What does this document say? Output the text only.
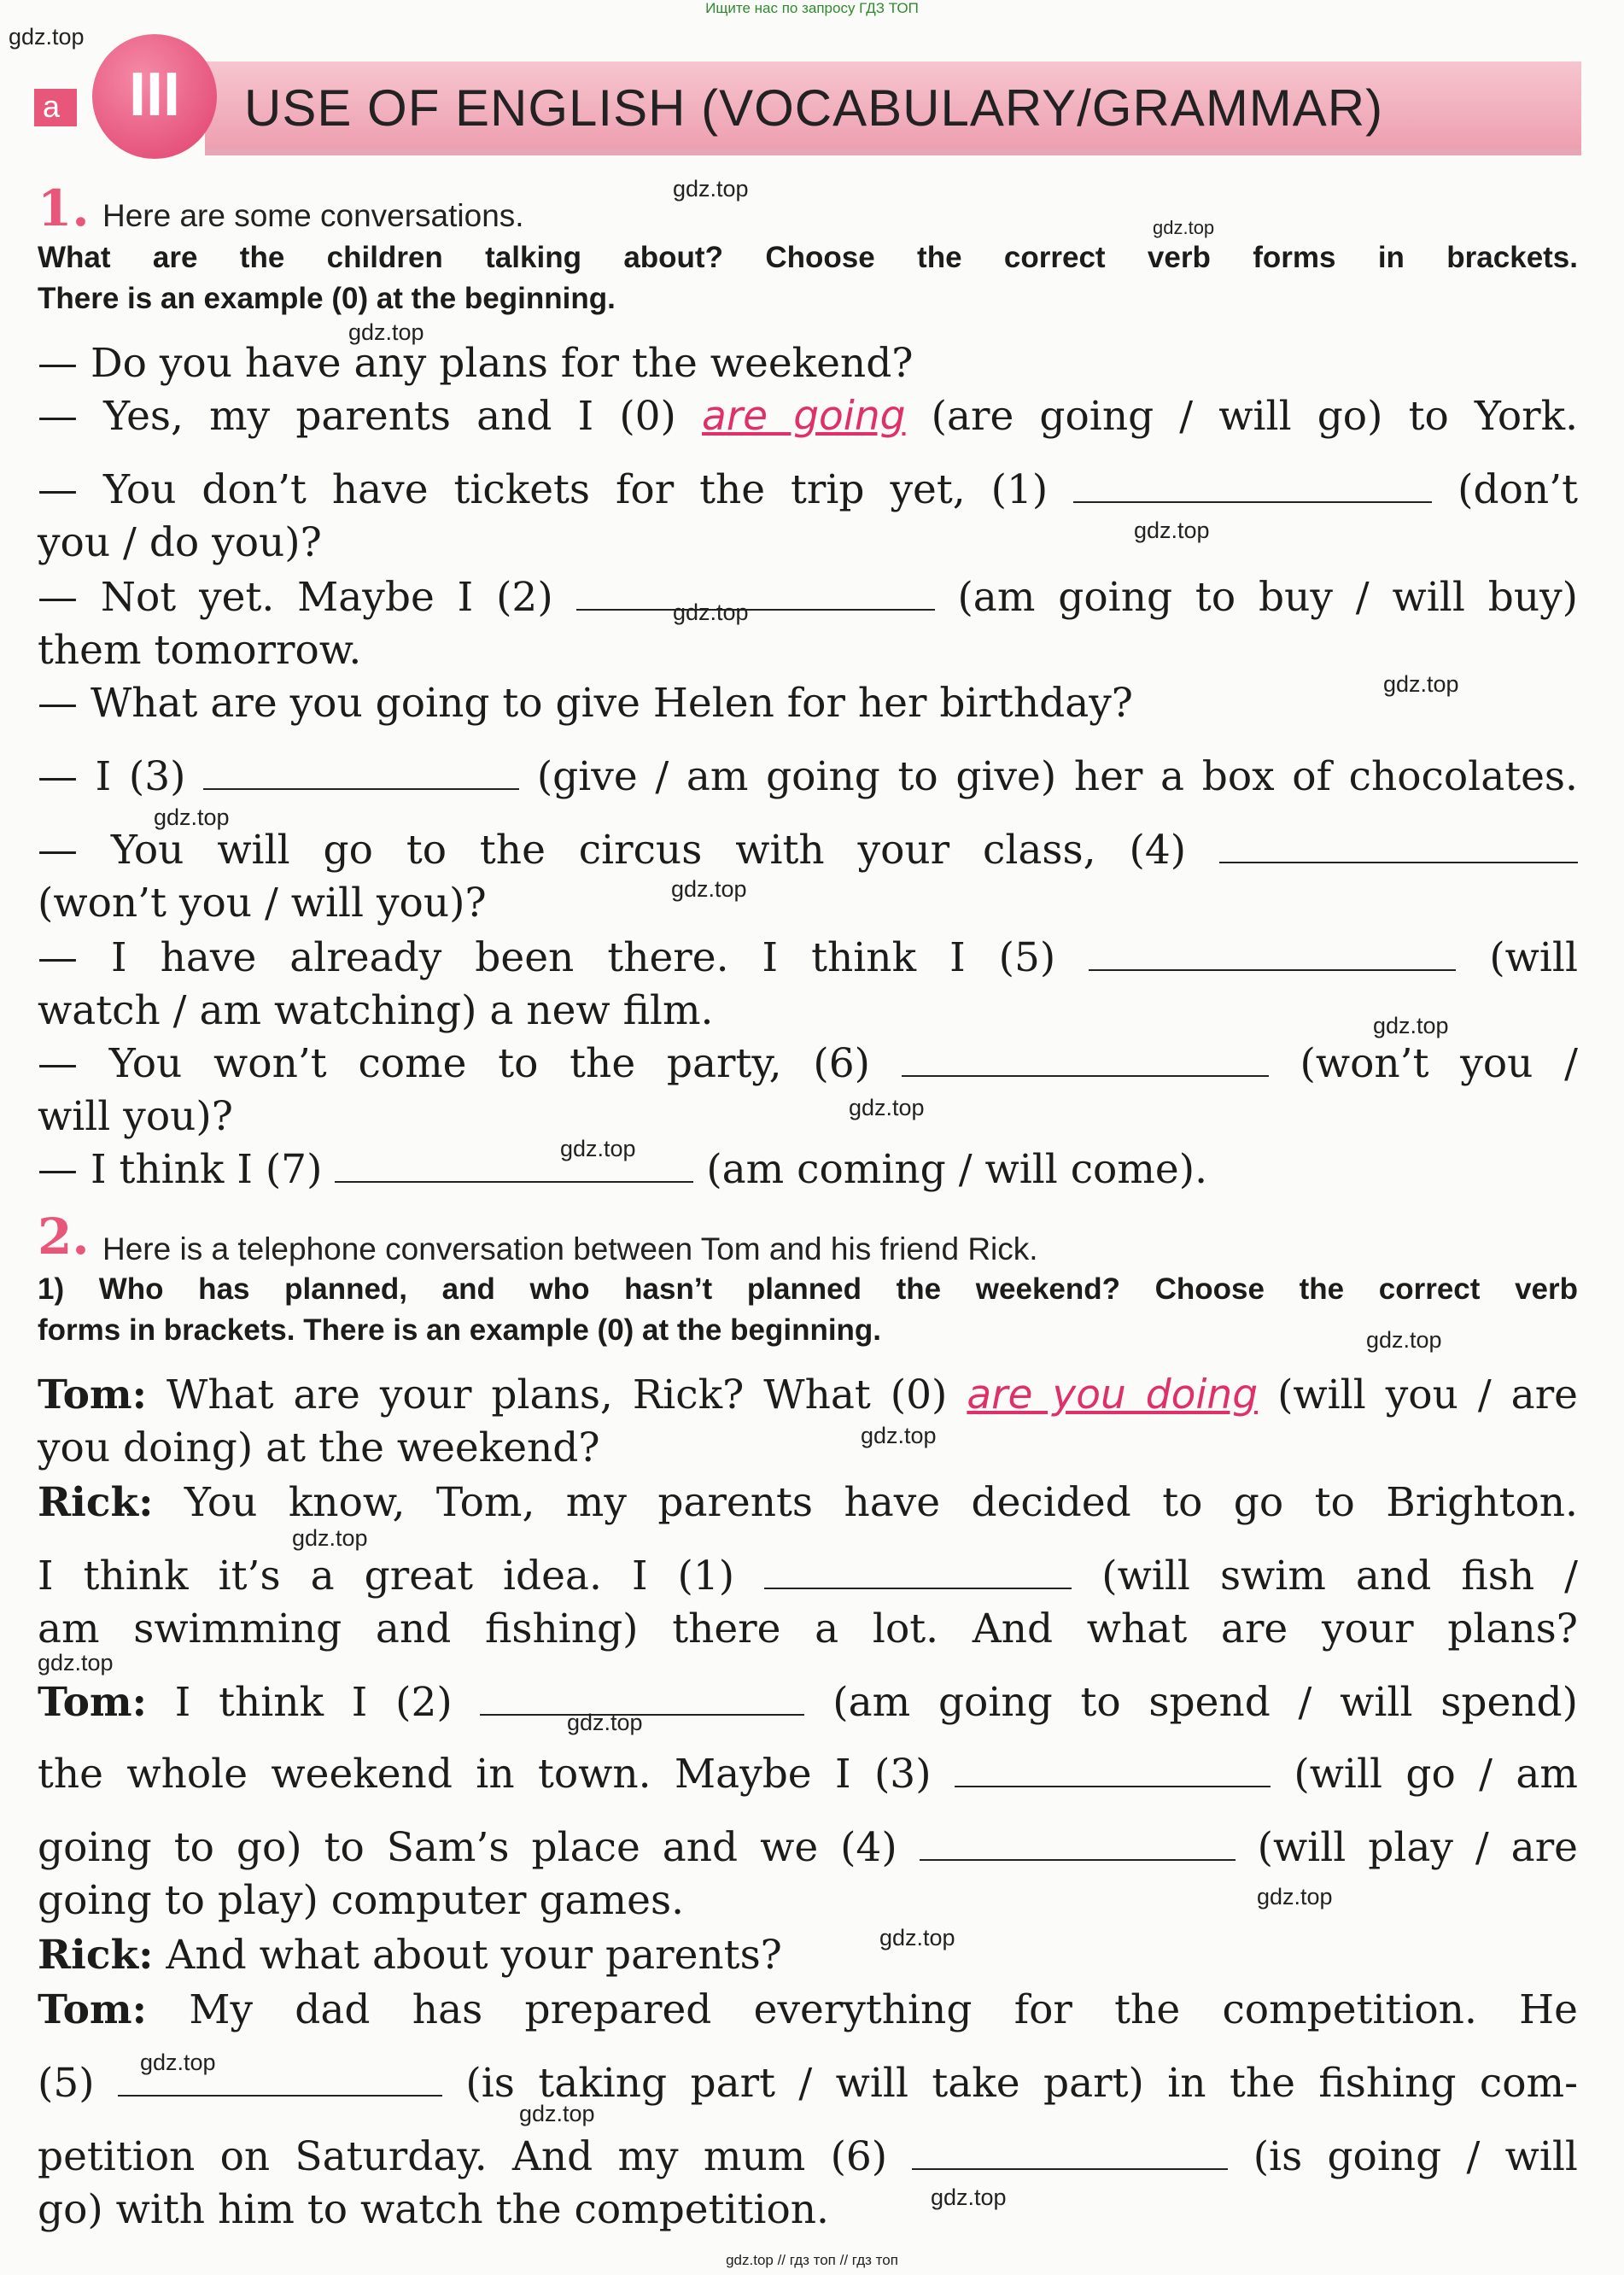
Ищите нас по запросу ГДЗ ТОП
a	III	USE OF ENGLISH (VOCABULARY/GRAMMAR)
1. Here are some conversations.
What are the children talking about? Choose the correct verb forms in brackets.
There is an example (0) at the beginning.
— Do you have any plans for the weekend?
— Yes, my parents and I (0) are going (are going / will go) to York.
— You don’t have tickets for the trip yet, (1)	(don’t
you / do you)?
— Not yet. Maybe I (2)	(am going to buy / will buy)
them tomorrow.
— What are you going to give Helen for her birthday?
— I (3)	(give / am going to give) her a box of chocolates.
— You will go to the circus with your class, (4)
(won’t you / will you)?
— I have already been there. I think I (5)	(will
watch / am watching) a new film.
— You won’t come to the party, (6)	(won’t you /
will you)?
— I think I (7)	(am coming / will come).
2. Here is a telephone conversation between Tom and his friend Rick.
1) Who has planned, and who hasn’t planned the weekend? Choose the correct verb
forms in brackets. There is an example (0) at the beginning.
Tom: What are your plans, Rick? What (0) are you doing (will you / are
you doing) at the weekend?
Rick: You know, Tom, my parents have decided to go to Brighton.
I think it’s a great idea. I (1)	(will swim and fish /
am swimming and fishing) there a lot. And what are your plans?
Tom: I think I (2)	(am going to spend / will spend)
the whole weekend in town. Maybe I (3)	(will go / am
going to go) to Sam’s place and we (4)	(will play / are
going to play) computer games.
Rick: And what about your parents?
Tom: My dad has prepared everything for the competition. He
(5)	(is taking part / will take part) in the fishing com-
petition on Saturday. And my mum (6)	(is going / will
go) with him to watch the competition.
gdz.top
gdz.top
gdz.top
gdz.top
gdz.top
gdz.top
gdz.top
gdz.top
gdz.top
gdz.top
gdz.top
gdz.top
gdz.top
gdz.top
gdz.top
gdz.top
gdz.top
gdz.top
gdz.top
gdz.top
gdz.top
gdz.top
gdz.top // гдз топ // гдз топ
